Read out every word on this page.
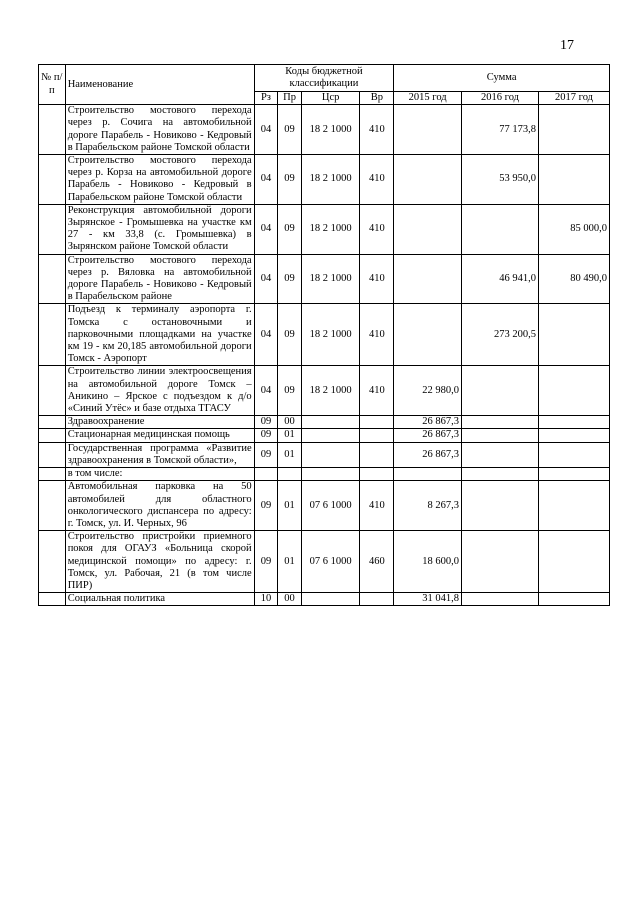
17
№ п/п	Наименование	Коды бюджетной классификации				Сумма		
		Рз	Пр	Цср	Вр	2015 год	2016 год	2017 год
	Строительство мостового перехода через р. Сочига на автомобильной дороге Парабель - Новиково - Кедровый в Парабельском районе Томской области	04	09	18 2 1000	410		77 173,8	
	Строительство мостового перехода через р. Корза на автомобильной дороге Парабель - Новиково - Кедровый в Парабельском районе Томской области	04	09	18 2 1000	410		53 950,0	
	Реконструкция автомобильной дороги Зырянское - Громышевка на участке км 27 - км 33,8 (с. Громышевка) в Зырянском районе Томской области	04	09	18 2 1000	410			85 000,0
	Строительство мостового перехода через р. Вяловка на автомобильной дороге Парабель - Новиково - Кедровый в Парабельском районе	04	09	18 2 1000	410		46 941,0	80 490,0
	Подъезд к терминалу аэропорта г. Томска с остановочными и парковочными площадками на участке км 19 - км 20,185 автомобильной дороги Томск - Аэропорт	04	09	18 2 1000	410		273 200,5	
	Строительство линии электроосвещения на автомобильной дороге Томск – Аникино – Ярское с подъездом к д/о «Синий Утёс» и базе отдыха ТГАСУ	04	09	18 2 1000	410	22 980,0		
	Здравоохранение	09	00			26 867,3		
	Стационарная медицинская помощь	09	01			26 867,3		
	Государственная программа «Развитие здравоохранения в Томской области»,	09	01			26 867,3		
	в том числе:							
	Автомобильная парковка на 50 автомобилей для областного онкологического диспансера по адресу: г. Томск, ул. И. Черных, 96	09	01	07 6 1000	410	8 267,3		
	Строительство пристройки приемного покоя для ОГАУЗ «Больница скорой медицинской помощи» по адресу: г. Томск, ул. Рабочая, 21 (в том числе ПИР)	09	01	07 6 1000	460	18 600,0		
	Социальная политика	10	00			31 041,8		
